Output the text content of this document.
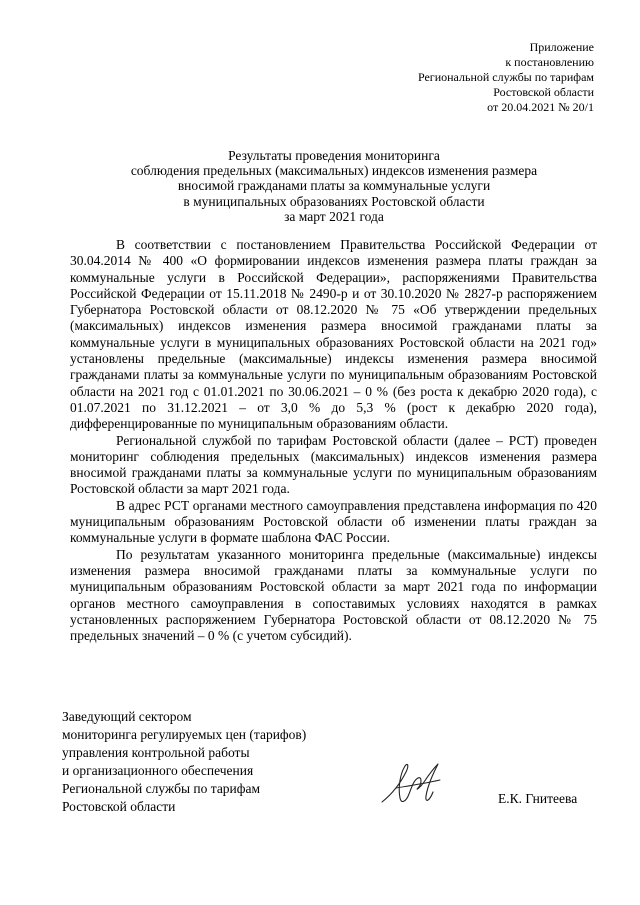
Приложение
к постановлению
Региональной службы по тарифам
Ростовской области
от 20.04.2021 № 20/1
Результаты проведения мониторинга
соблюдения предельных (максимальных) индексов изменения размера
вносимой гражданами платы за коммунальные услуги
в муниципальных образованиях Ростовской области
за март 2021 года

В соответствии с постановлением Правительства Российской Федерации от 30.04.2014 № 400 «О формировании индексов изменения размера платы граждан за коммунальные услуги в Российской Федерации», распоряжениями Правительства Российской Федерации от 15.11.2018 № 2490-р и от 30.10.2020 № 2827-р распоряжением Губернатора Ростовской области от 08.12.2020 № 75 «Об утверждении предельных (максимальных) индексов изменения размера вносимой гражданами платы за коммунальные услуги в муниципальных образованиях Ростовской области на 2021 год» установлены предельные (максимальные) индексы изменения размера вносимой гражданами платы за коммунальные услуги по муниципальным образованиям Ростовской области на 2021 год с 01.01.2021 по 30.06.2021 – 0 % (без роста к декабрю 2020 года), с 01.07.2021 по 31.12.2021 – от 3,0 % до 5,3 % (рост к декабрю 2020 года), дифференцированные по муниципальным образованиям области.

Региональной службой по тарифам Ростовской области (далее – РСТ) проведен мониторинг соблюдения предельных (максимальных) индексов изменения размера вносимой гражданами платы за коммунальные услуги по муниципальным образованиям Ростовской области за март 2021 года.

В адрес РСТ органами местного самоуправления представлена информация по 420 муниципальным образованиям Ростовской области об изменении платы граждан за коммунальные услуги в формате шаблона ФАС России.

По результатам указанного мониторинга предельные (максимальные) индексы изменения размера вносимой гражданами платы за коммунальные услуги по муниципальным образованиям Ростовской области за март 2021 года по информации органов местного самоуправления в сопоставимых условиях находятся в рамках установленных распоряжением Губернатора Ростовской области от 08.12.2020 № 75 предельных значений – 0 % (с учетом субсидий).

Заведующий сектором
мониторинга регулируемых цен (тарифов)
управления контрольной работы
и организационного обеспечения
Региональной службы по тарифам
Ростовской области
Е.К. Гнитеева
